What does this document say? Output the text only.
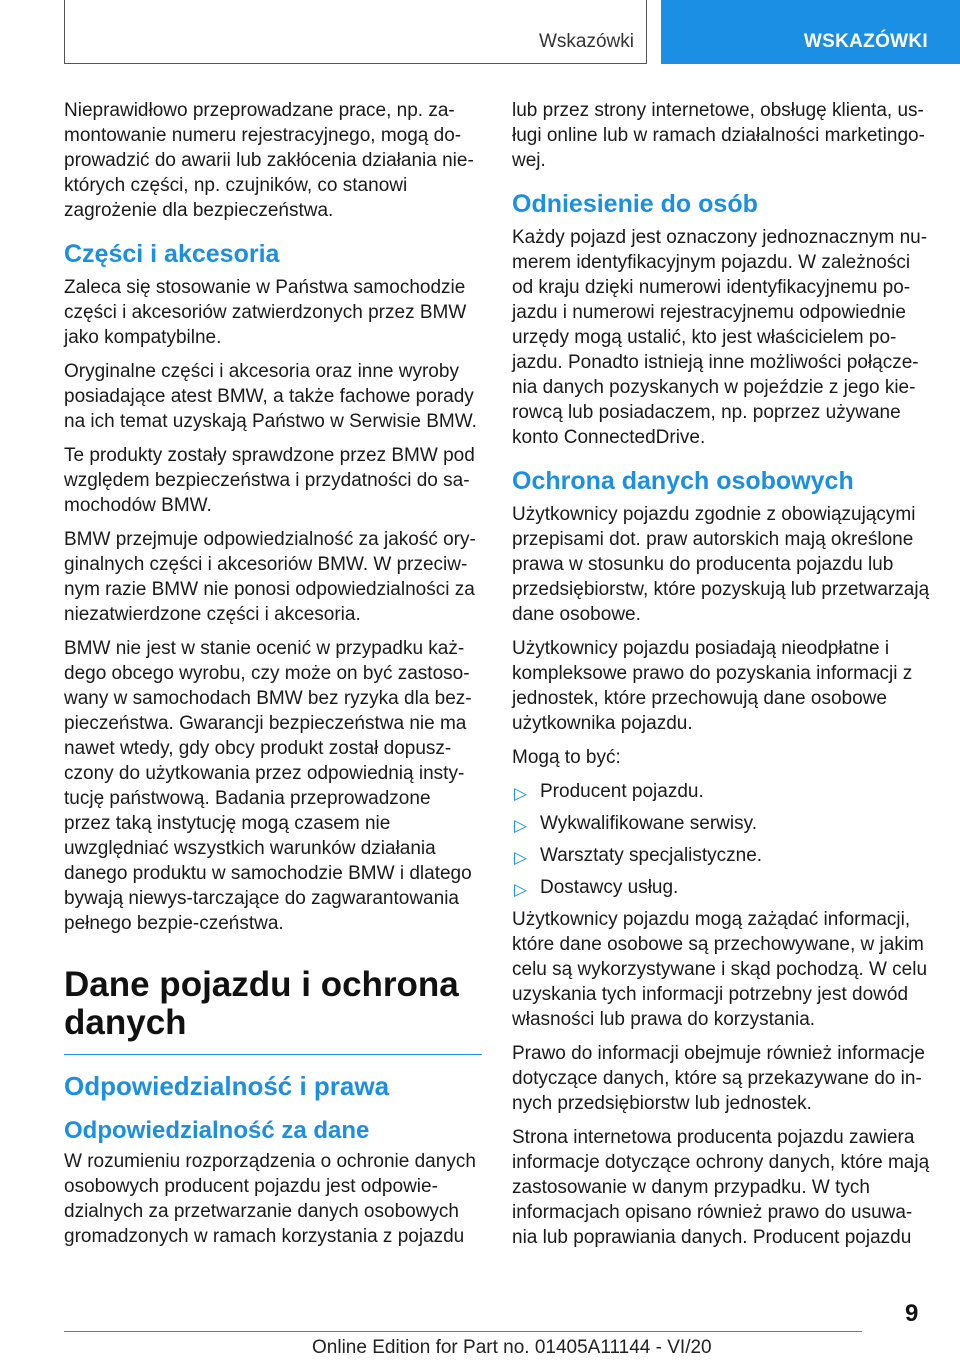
Wskazówki	WSKAZÓWKI

Nieprawidłowo przeprowadzane prace, np. za-montowanie numeru rejestracyjnego, mogą do-prowadzić do awarii lub zakłócenia działania nie-których części, np. czujników, co stanowi zagrożenie dla bezpieczeństwa.

Części i akcesoria

Zaleca się stosowanie w Państwa samochodzie części i akcesoriów zatwierdzonych przez BMW jako kompatybilne.

Oryginalne części i akcesoria oraz inne wyroby posiadające atest BMW, a także fachowe porady na ich temat uzyskają Państwo w Serwisie BMW.

Te produkty zostały sprawdzone przez BMW pod względem bezpieczeństwa i przydatności do sa-mochodów BMW.

BMW przejmuje odpowiedzialność za jakość ory-ginalnych części i akcesoriów BMW. W przeciw-nym razie BMW nie ponosi odpowiedzialności za niezatwierdzone części i akcesoria.

BMW nie jest w stanie ocenić w przypadku każ-dego obcego wyrobu, czy może on być zastoso-wany w samochodach BMW bez ryzyka dla bez-pieczeństwa. Gwarancji bezpieczeństwa nie ma nawet wtedy, gdy obcy produkt został dopusz-czony do użytkowania przez odpowiednią insty-tucję państwową. Badania przeprowadzone przez taką instytucję mogą czasem nie uwzględniać wszystkich warunków działania danego produktu w samochodzie BMW i dlatego bywają niewys-tarczające do zagwarantowania pełnego bezpie-czeństwa.

Dane pojazdu i ochrona danych
Odpowiedzialność i prawa
Odpowiedzialność za dane

W rozumieniu rozporządzenia o ochronie danych osobowych producent pojazdu jest odpowie-dzialnych za przetwarzanie danych osobowych gromadzonych w ramach korzystania z pojazdu

lub przez strony internetowe, obsługę klienta, us-ługi online lub w ramach działalności marketingo-wej.

Odniesienie do osób

Każdy pojazd jest oznaczony jednoznacznym nu-merem identyfikacyjnym pojazdu. W zależności od kraju dzięki numerowi identyfikacyjnemu po-jazdu i numerowi rejestracyjnemu odpowiednie urzędy mogą ustalić, kto jest właścicielem po-jazdu. Ponadto istnieją inne możliwości połącze-nia danych pozyskanych w pojeździe z jego kie-rowcą lub posiadaczem, np. poprzez używane konto ConnectedDrive.

Ochrona danych osobowych

Użytkownicy pojazdu zgodnie z obowiązującymi przepisami dot. praw autorskich mają określone prawa w stosunku do producenta pojazdu lub przedsiębiorstw, które pozyskują lub przetwarzają dane osobowe.

Użytkownicy pojazdu posiadają nieodpłatne i kompleksowe prawo do pozyskania informacji z jednostek, które przechowują dane osobowe użytkownika pojazdu.

Mogą to być:

▷ Producent pojazdu.
▷ Wykwalifikowane serwisy.
▷ Warsztaty specjalistyczne.
▷ Dostawcy usług.

Użytkownicy pojazdu mogą zażądać informacji, które dane osobowe są przechowywane, w jakim celu są wykorzystywane i skąd pochodzą. W celu uzyskania tych informacji potrzebny jest dowód własności lub prawa do korzystania.

Prawo do informacji obejmuje również informacje dotyczące danych, które są przekazywane do in-nych przedsiębiorstw lub jednostek.

Strona internetowa producenta pojazdu zawiera informacje dotyczące ochrony danych, które mają zastosowanie w danym przypadku. W tych informacjach opisano również prawo do usuwa-nia lub poprawiania danych. Producent pojazdu

9
Online Edition for Part no. 01405A11144 - VI/20
